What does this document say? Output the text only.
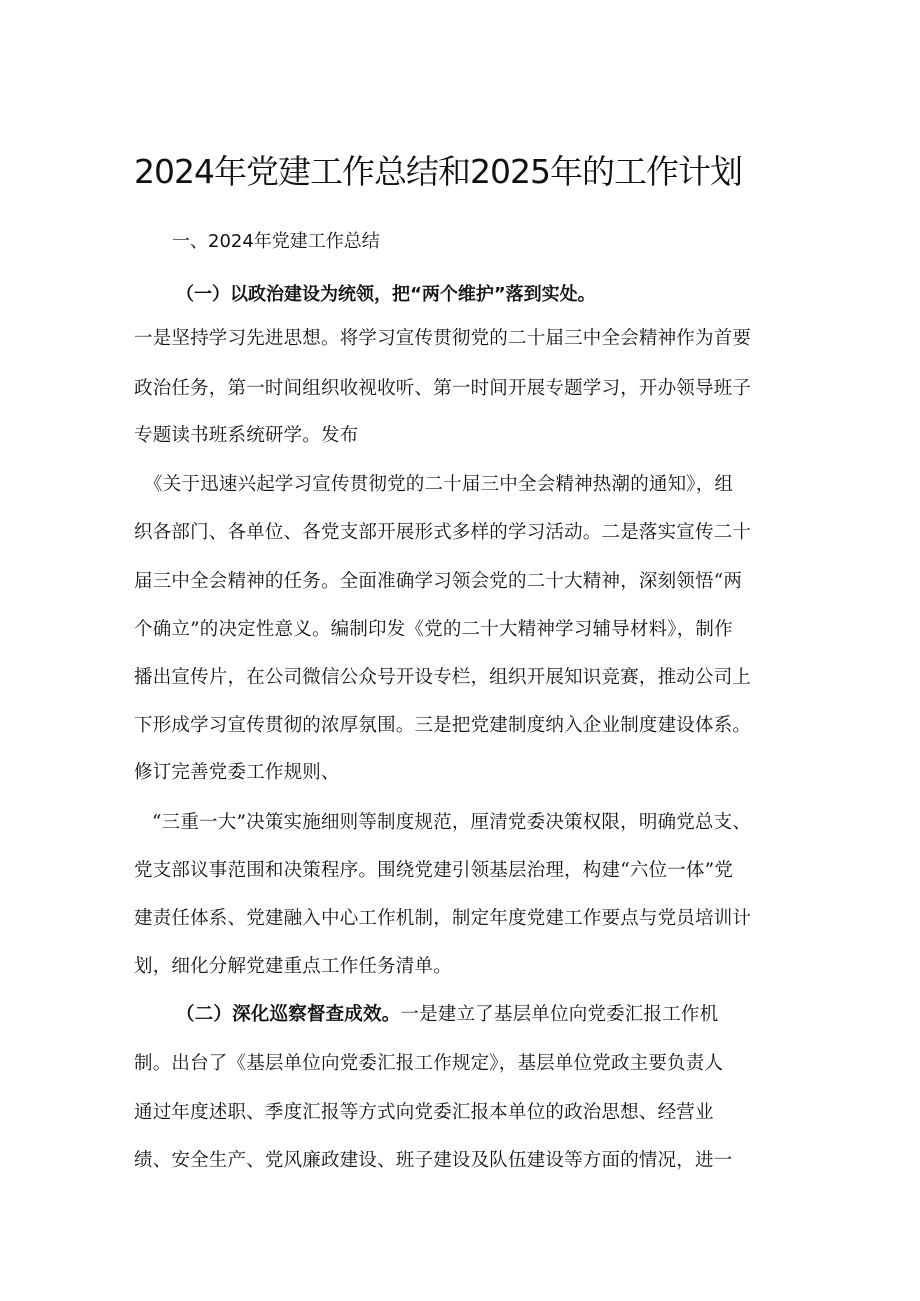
2024年党建工作总结和2025年的工作计划
一、2024年党建工作总结
（一）以政治建设为统领，把“两个维护”落到实处。
一是坚持学习先进思想。将学习宣传贯彻党的二十届三中全会精神作为首要
政治任务，第一时间组织收视收听、第一时间开展专题学习，开办领导班子
专题读书班系统研学。发布
《关于迅速兴起学习宣传贯彻党的二十届三中全会精神热潮的通知》，组
织各部门、各单位、各党支部开展形式多样的学习活动。二是落实宣传二十
届三中全会精神的任务。全面准确学习领会党的二十大精神，深刻领悟“两
个确立”的决定性意义。编制印发《党的二十大精神学习辅导材料》，制作
播出宣传片，在公司微信公众号开设专栏，组织开展知识竞赛，推动公司上
下形成学习宣传贯彻的浓厚氛围。三是把党建制度纳入企业制度建设体系。
修订完善党委工作规则、
“三重一大”决策实施细则等制度规范，厘清党委决策权限，明确党总支、
党支部议事范围和决策程序。围绕党建引领基层治理，构建“六位一体”党
建责任体系、党建融入中心工作机制，制定年度党建工作要点与党员培训计
划，细化分解党建重点工作任务清单。
（二）深化巡察督查成效。一是建立了基层单位向党委汇报工作机
制。出台了《基层单位向党委汇报工作规定》，基层单位党政主要负责人
通过年度述职、季度汇报等方式向党委汇报本单位的政治思想、经营业
绩、安全生产、党风廉政建设、班子建设及队伍建设等方面的情况，进一
